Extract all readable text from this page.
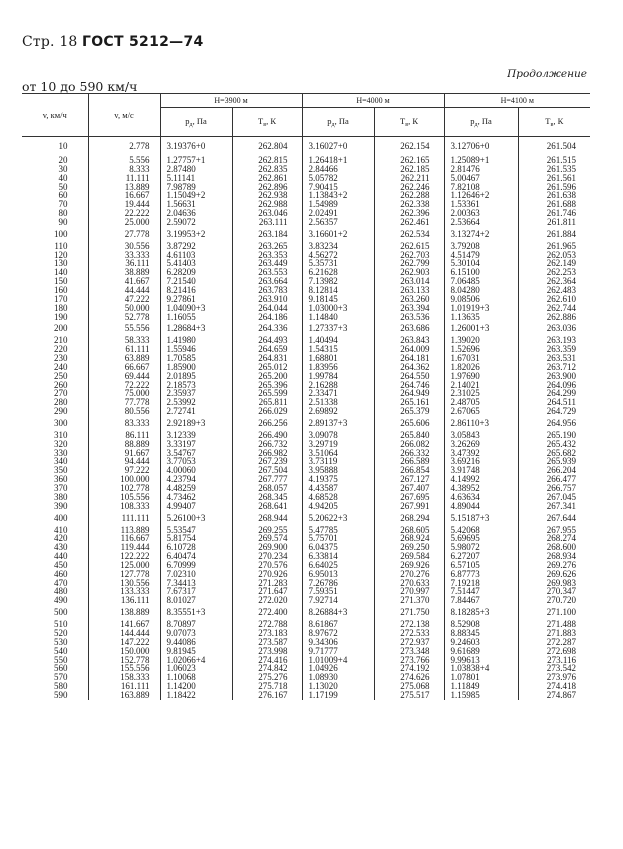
Стр. 18 ГОСТ 5212—74
Продолжение
от 10 до 590 км/ч
v, км/ч	v, м/с	H=3900 м		H=4000 м		H=4100 м	
		$p_д$, Па	$T_в$, К	$p_д$, Па	$T_в$, К	$p_д$, Па	$T_в$, К
10	2.778	3.19376+0	262.804	3.16027+0	262.154	3.12706+0	261.504
20	5.556	1.27757+1	262.815	1.26418+1	262.165	1.25089+1	261.515
30	8.333	2.87480	262.835	2.84466	262.185	2.81476	261.535
40	11.111	5.11141	262.861	5.05782	262.211	5.00467	261.561
50	13.889	7.98789	262.896	7.90415	262.246	7.82108	261.596
60	16.667	1.15049+2	262.938	1.13843+2	262.288	1.12646+2	261.638
70	19.444	1.56631	262.988	1.54989	262.338	1.53361	261.688
80	22.222	2.04636	263.046	2.02491	262.396	2.00363	261.746
90	25.000	2.59072	263.111	2.56357	262.461	2.53664	261.811
100	27.778	3.19953+2	263.184	3.16601+2	262.534	3.13274+2	261.884
110	30.556	3.87292	263.265	3.83234	262.615	3.79208	261.965
120	33.333	4.61103	263.353	4.56272	262.703	4.51479	262.053
130	36.111	5.41403	263.449	5.35731	262.799	5.30104	262.149
140	38.889	6.28209	263.553	6.21628	262.903	6.15100	262.253
150	41.667	7.21540	263.664	7.13982	263.014	7.06485	262.364
160	44.444	8.21416	263.783	8.12814	263.133	8.04280	262.483
170	47.222	9.27861	263.910	9.18145	263.260	9.08506	262.610
180	50.000	1.04090+3	264.044	1.03000+3	263.394	1.01919+3	262.744
190	52.778	1.16055	264.186	1.14840	263.536	1.13635	262.886
200	55.556	1.28684+3	264.336	1.27337+3	263.686	1.26001+3	263.036
210	58.333	1.41980	264.493	1.40494	263.843	1.39020	263.193
220	61.111	1.55946	264.659	1.54315	264.009	1.52696	263.359
230	63.889	1.70585	264.831	1.68801	264.181	1.67031	263.531
240	66.667	1.85900	265.012	1.83956	264.362	1.82026	263.712
250	69.444	2.01895	265.200	1.99784	264.550	1.97690	263.900
260	72.222	2.18573	265.396	2.16288	264.746	2.14021	264.096
270	75.000	2.35937	265.599	2.33471	264.949	2.31025	264.299
280	77.778	2.53992	265.811	2.51338	265.161	2.48705	264.511
290	80.556	2.72741	266.029	2.69892	265.379	2.67065	264.729
300	83.333	2.92189+3	266.256	2.89137+3	265.606	2.86110+3	264.956
310	86.111	3.12339	266.490	3.09078	265.840	3.05843	265.190
320	88.889	3.33197	266.732	3.29719	266.082	3.26269	265.432
330	91.667	3.54767	266.982	3.51064	266.332	3.47392	265.682
340	94.444	3.77053	267.239	3.73119	266.589	3.69216	265.939
350	97.222	4.00060	267.504	3.95888	266.854	3.91748	266.204
360	100.000	4.23794	267.777	4.19375	267.127	4.14992	266.477
370	102.778	4.48259	268.057	4.43587	267.407	4.38952	266.757
380	105.556	4.73462	268.345	4.68528	267.695	4.63634	267.045
390	108.333	4.99407	268.641	4.94205	267.991	4.89044	267.341
400	111.111	5.26100+3	268.944	5.20622+3	268.294	5.15187+3	267.644
410	113.889	5.53547	269.255	5.47785	268.605	5.42068	267.955
420	116.667	5.81754	269.574	5.75701	268.924	5.69695	268.274
430	119.444	6.10728	269.900	6.04375	269.250	5.98072	268.600
440	122.222	6.40474	270.234	6.33814	269.584	6.27207	268.934
450	125.000	6.70999	270.576	6.64025	269.926	6.57105	269.276
460	127.778	7.02310	270.926	6.95013	270.276	6.87773	269.626
470	130.556	7.34413	271.283	7.26786	270.633	7.19218	269.983
480	133.333	7.67317	271.647	7.59351	270.997	7.51447	270.347
490	136.111	8.01027	272.020	7.92714	271.370	7.84467	270.720
500	138.889	8.35551+3	272.400	8.26884+3	271.750	8.18285+3	271.100
510	141.667	8.70897	272.788	8.61867	272.138	8.52908	271.488
520	144.444	9.07073	273.183	8.97672	272.533	8.88345	271.883
530	147.222	9.44086	273.587	9.34306	272.937	9.24603	272.287
540	150.000	9.81945	273.998	9.71777	273.348	9.61689	272.698
550	152.778	1.02066+4	274.416	1.01009+4	273.766	9.99613	273.116
560	155.556	1.06023	274.842	1.04926	274.192	1.03838+4	273.542
570	158.333	1.10068	275.276	1.08930	274.626	1.07801	273.976
580	161.111	1.14200	275.718	1.13020	275.068	1.11849	274.418
590	163.889	1.18422	276.167	1.17199	275.517	1.15985	274.867
